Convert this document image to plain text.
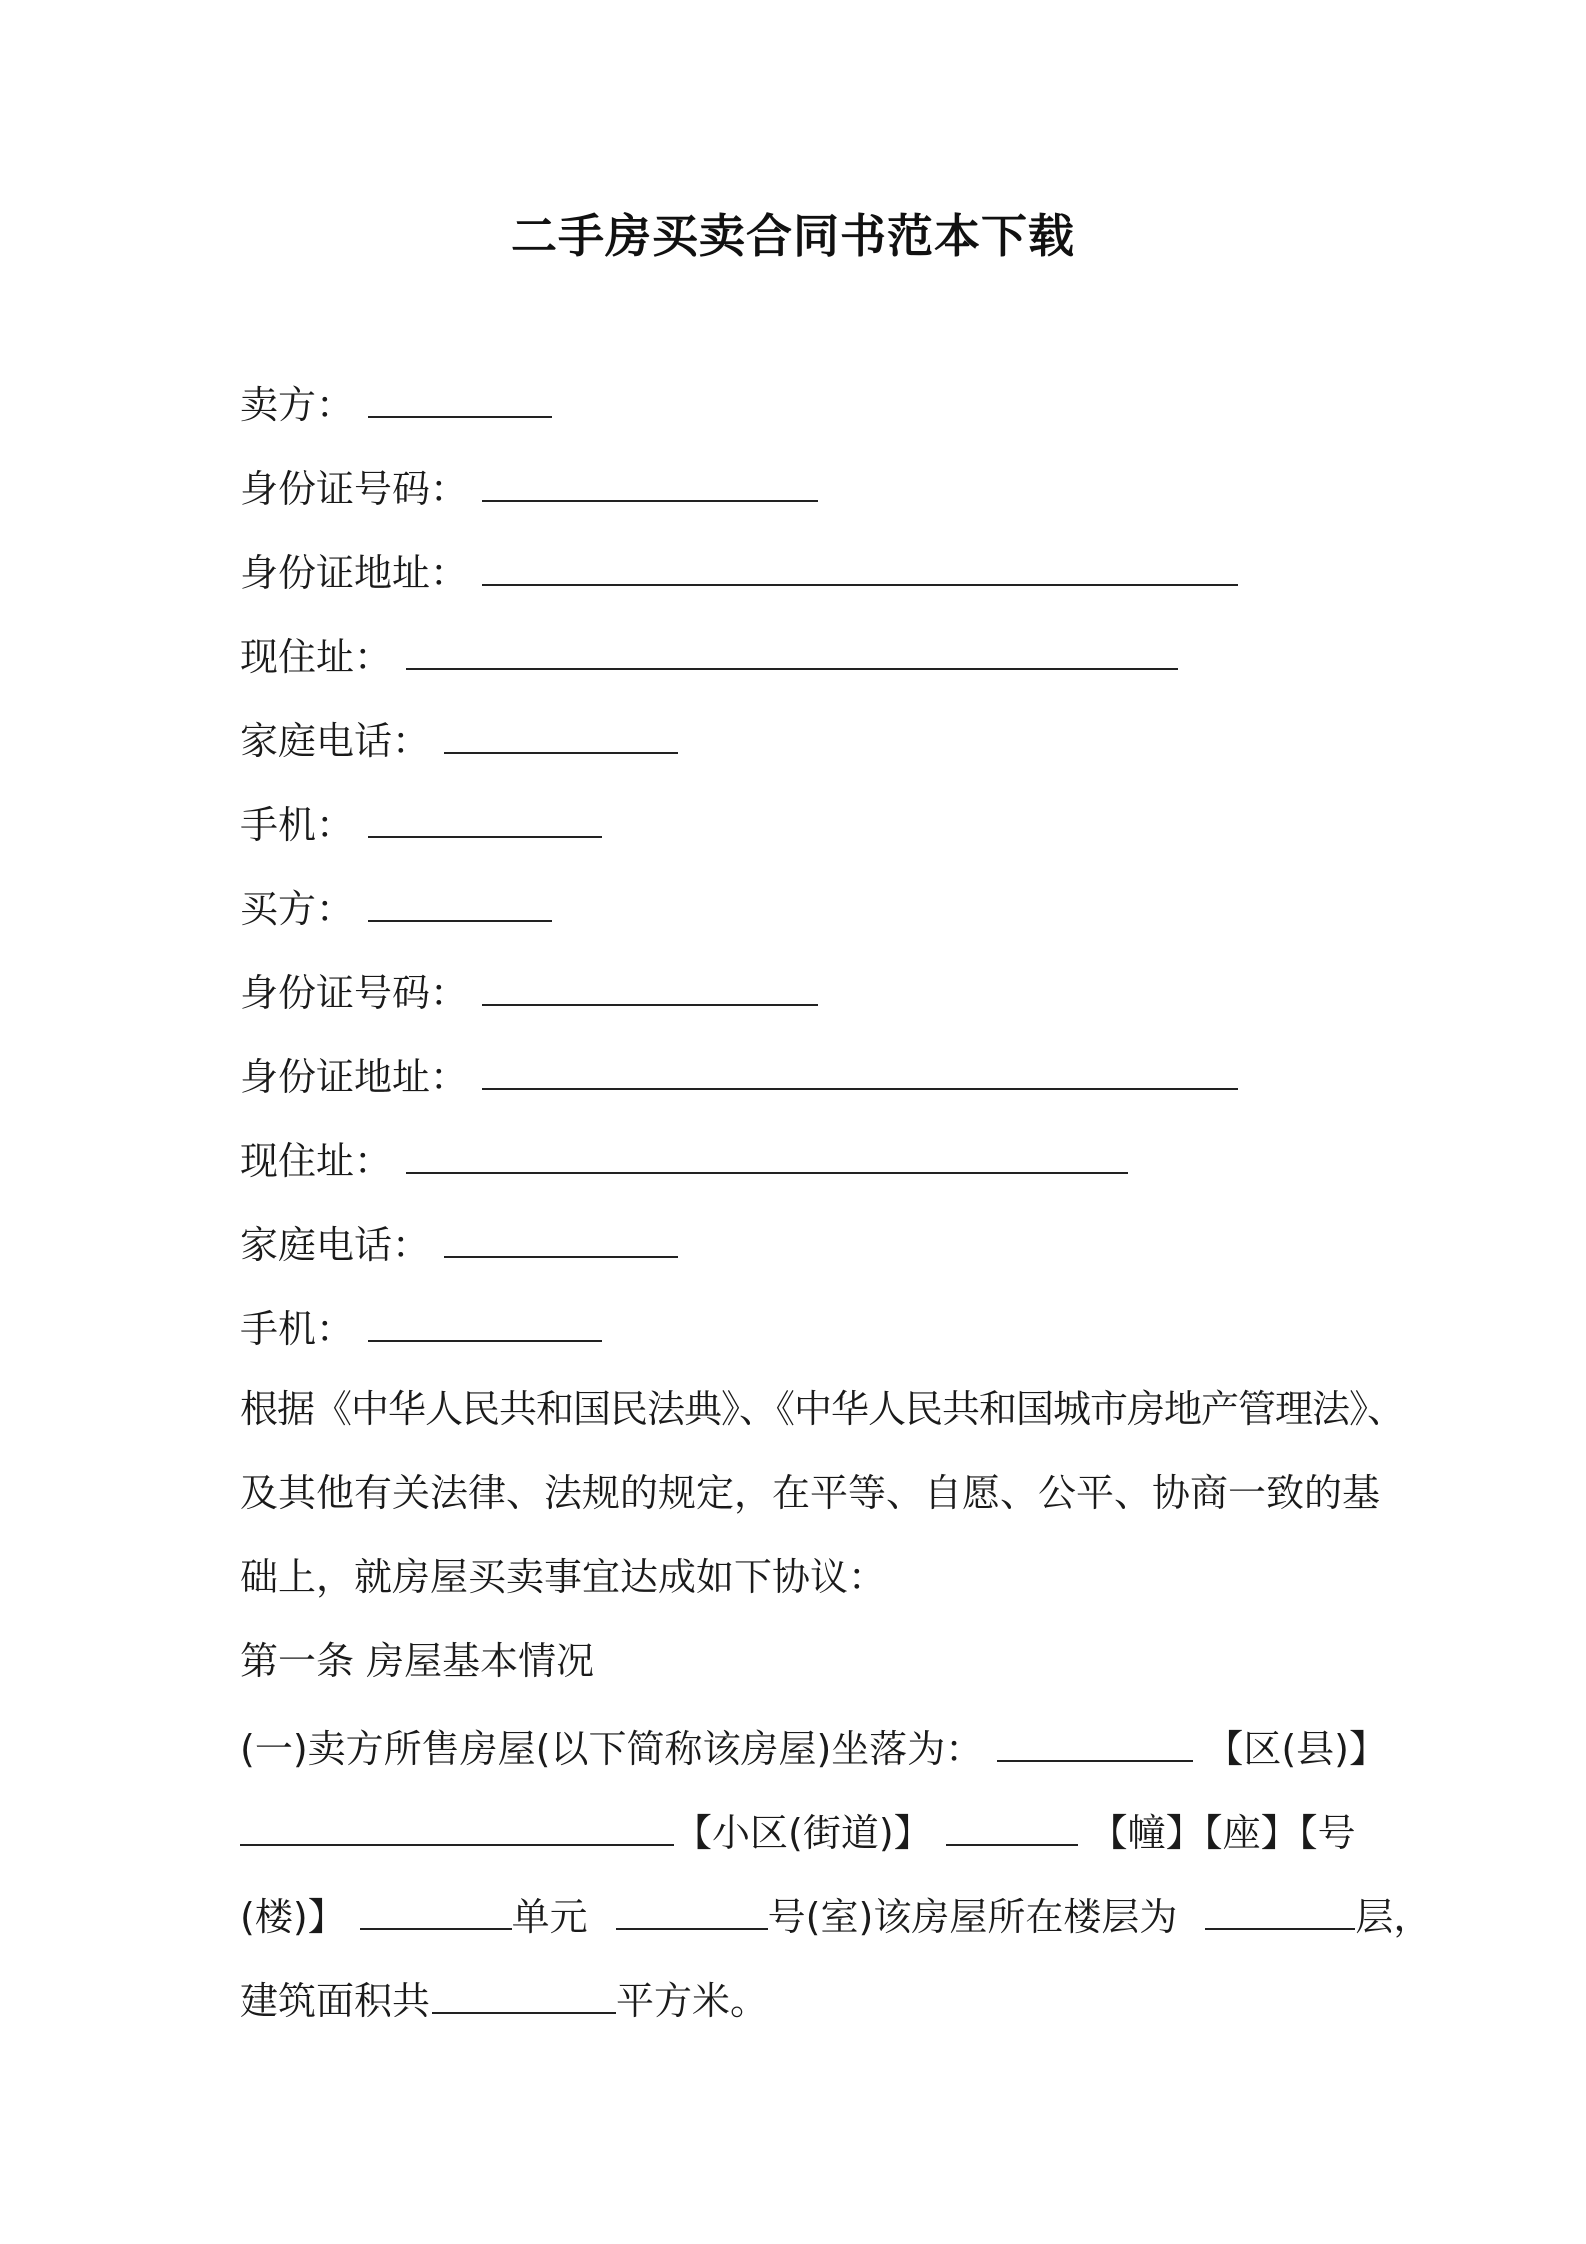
二手房买卖合同书范本下载
卖方：
身份证号码：
身份证地址：
现住址：
家庭电话：
手机：
买方：
身份证号码：
身份证地址：
现住址：
家庭电话：
手机：
根据《中华人民共和国民法典》、《中华人民共和国城市房地产管理法》、
及其他有关法律、法规的规定，在平等、自愿、公平、协商一致的基
础上，就房屋买卖事宜达成如下协议：
第一条 房屋基本情况
(一)卖方所售房屋(以下简称该房屋)坐落为：	【区(县)】
【小区(街道)】	【幢】【座】【号
(楼)】	单元	号(室)该房屋所在楼层为	层，
建筑面积共	平方米。
